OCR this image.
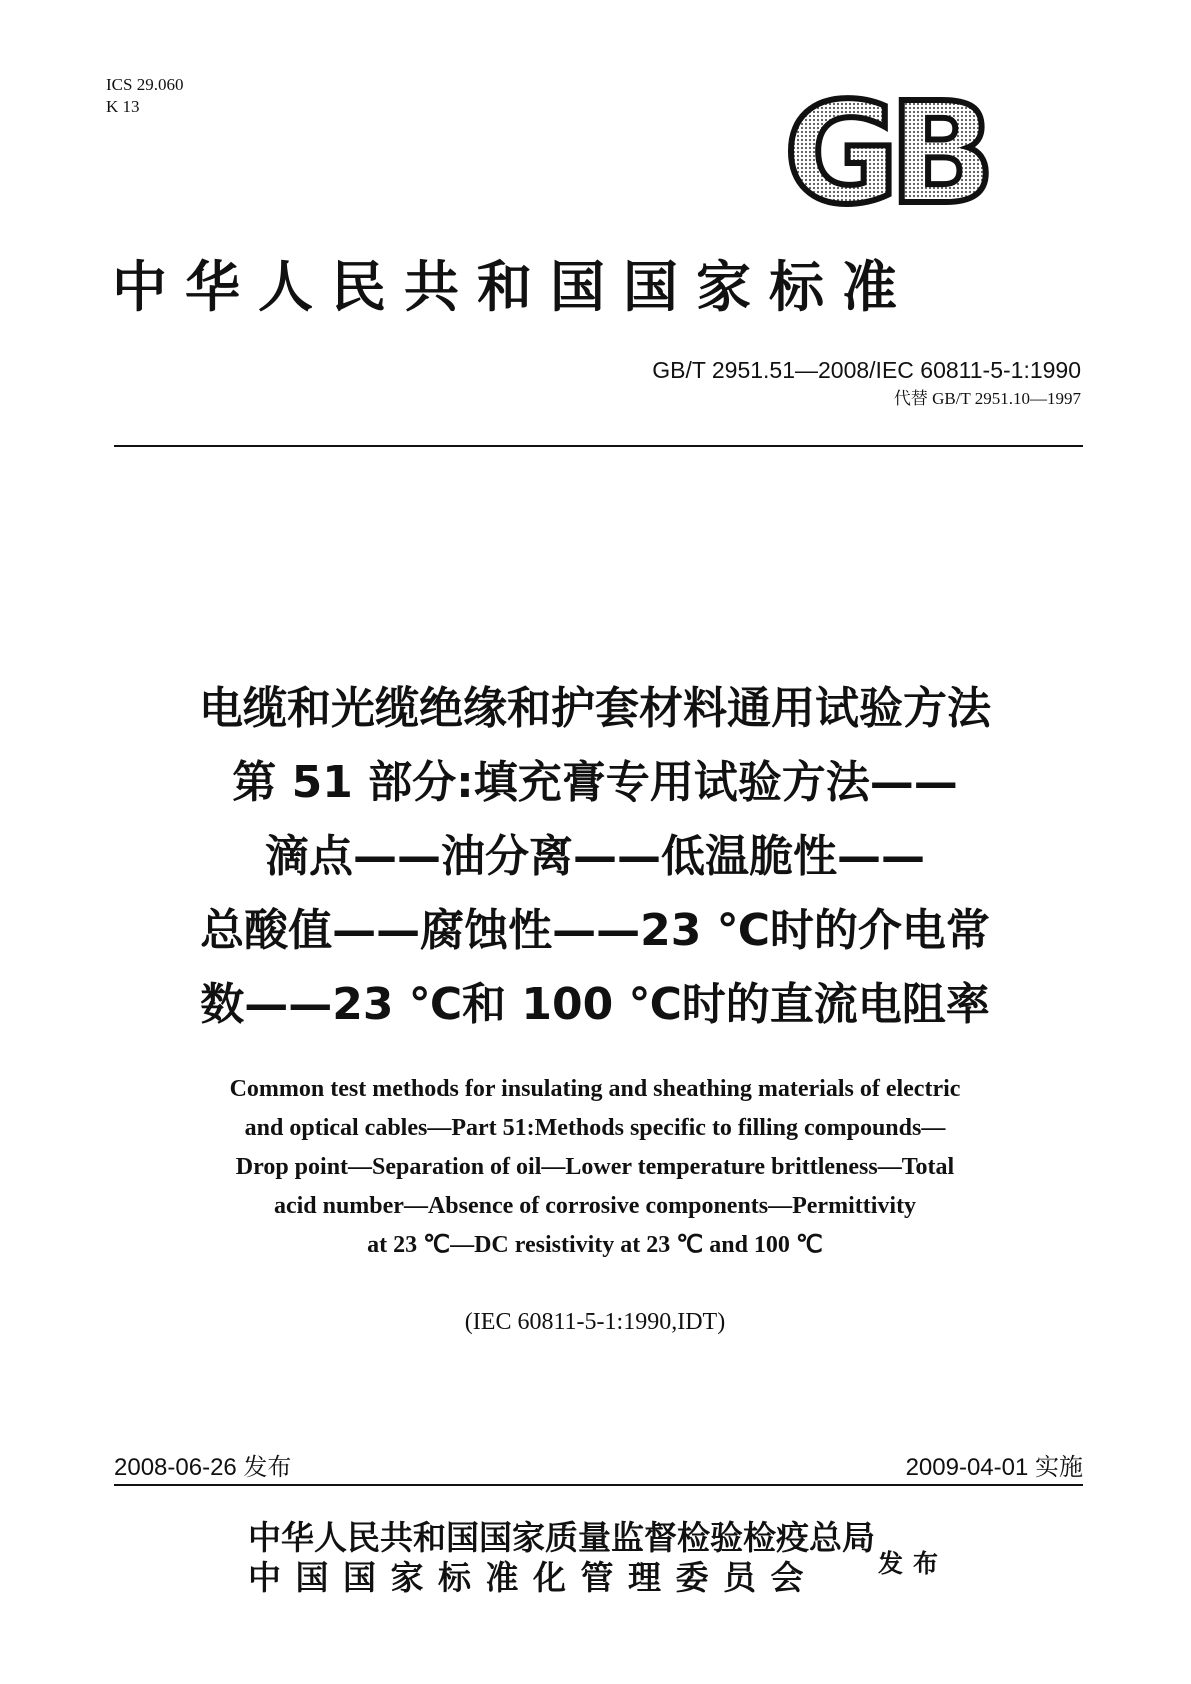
ICS 29.060
K 13	GB
中华人民共和国国家标准
GB/T 2951.51—2008/IEC 60811-5-1:1990
代替 GB/T 2951.10—1997
电缆和光缆绝缘和护套材料通用试验方法
第 51 部分:填充膏专用试验方法——
滴点——油分离——低温脆性——
总酸值——腐蚀性——23 ℃时的介电常
数——23 ℃和 100 ℃时的直流电阻率
Common test methods for insulating and sheathing materials of electric
and optical cables—Part 51:Methods specific to filling compounds—
Drop point—Separation of oil—Lower temperature brittleness—Total
acid number—Absence of corrosive components—Permittivity
at 23 ℃—DC resistivity at 23 ℃ and 100 ℃
(IEC 60811-5-1:1990,IDT)
2008-06-26 发布	2009-04-01 实施
中华人民共和国国家质量监督检验检疫总局
中国国家标准化管理委员会	发布
